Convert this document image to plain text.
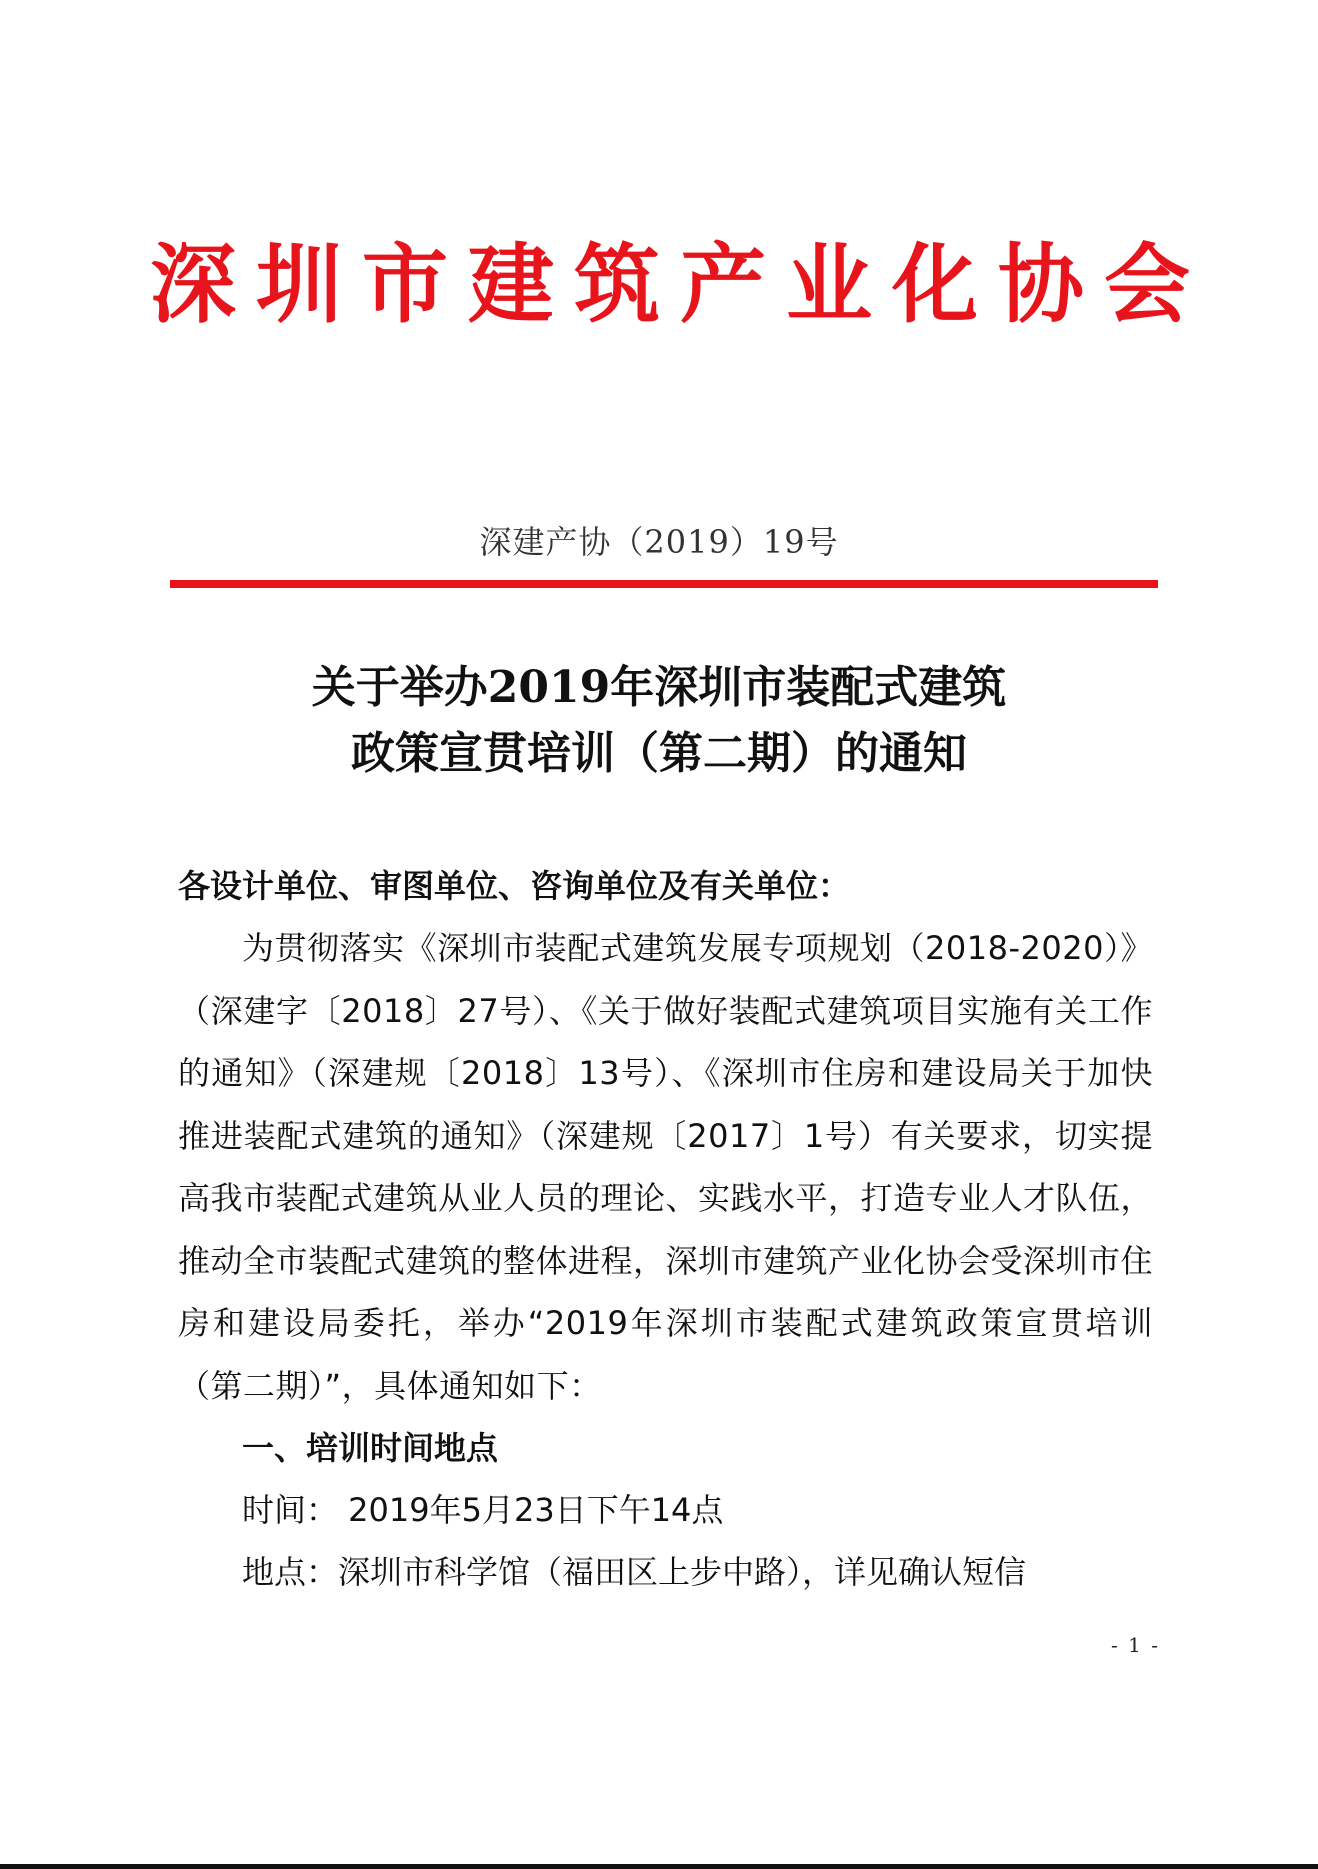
深圳市建筑产业化协会
深建产协（2019）19号
关于举办2019年深圳市装配式建筑
政策宣贯培训（第二期）的通知

各设计单位、审图单位、咨询单位及有关单位：

为贯彻落实《深圳市装配式建筑发展专项规划（2018-2020）》（深建字〔2018〕27号）、《关于做好装配式建筑项目实施有关工作的通知》（深建规〔2018〕13号）、《深圳市住房和建设局关于加快推进装配式建筑的通知》（深建规〔2017〕1号）有关要求，切实提高我市装配式建筑从业人员的理论、实践水平，打造专业人才队伍，推动全市装配式建筑的整体进程，深圳市建筑产业化协会受深圳市住房和建设局委托，举办“2019年深圳市装配式建筑政策宣贯培训（第二期）”，具体通知如下：

一、培训时间地点

时间： 2019年5月23日下午14点

地点：深圳市科学馆（福田区上步中路），详见确认短信

- 1 -
